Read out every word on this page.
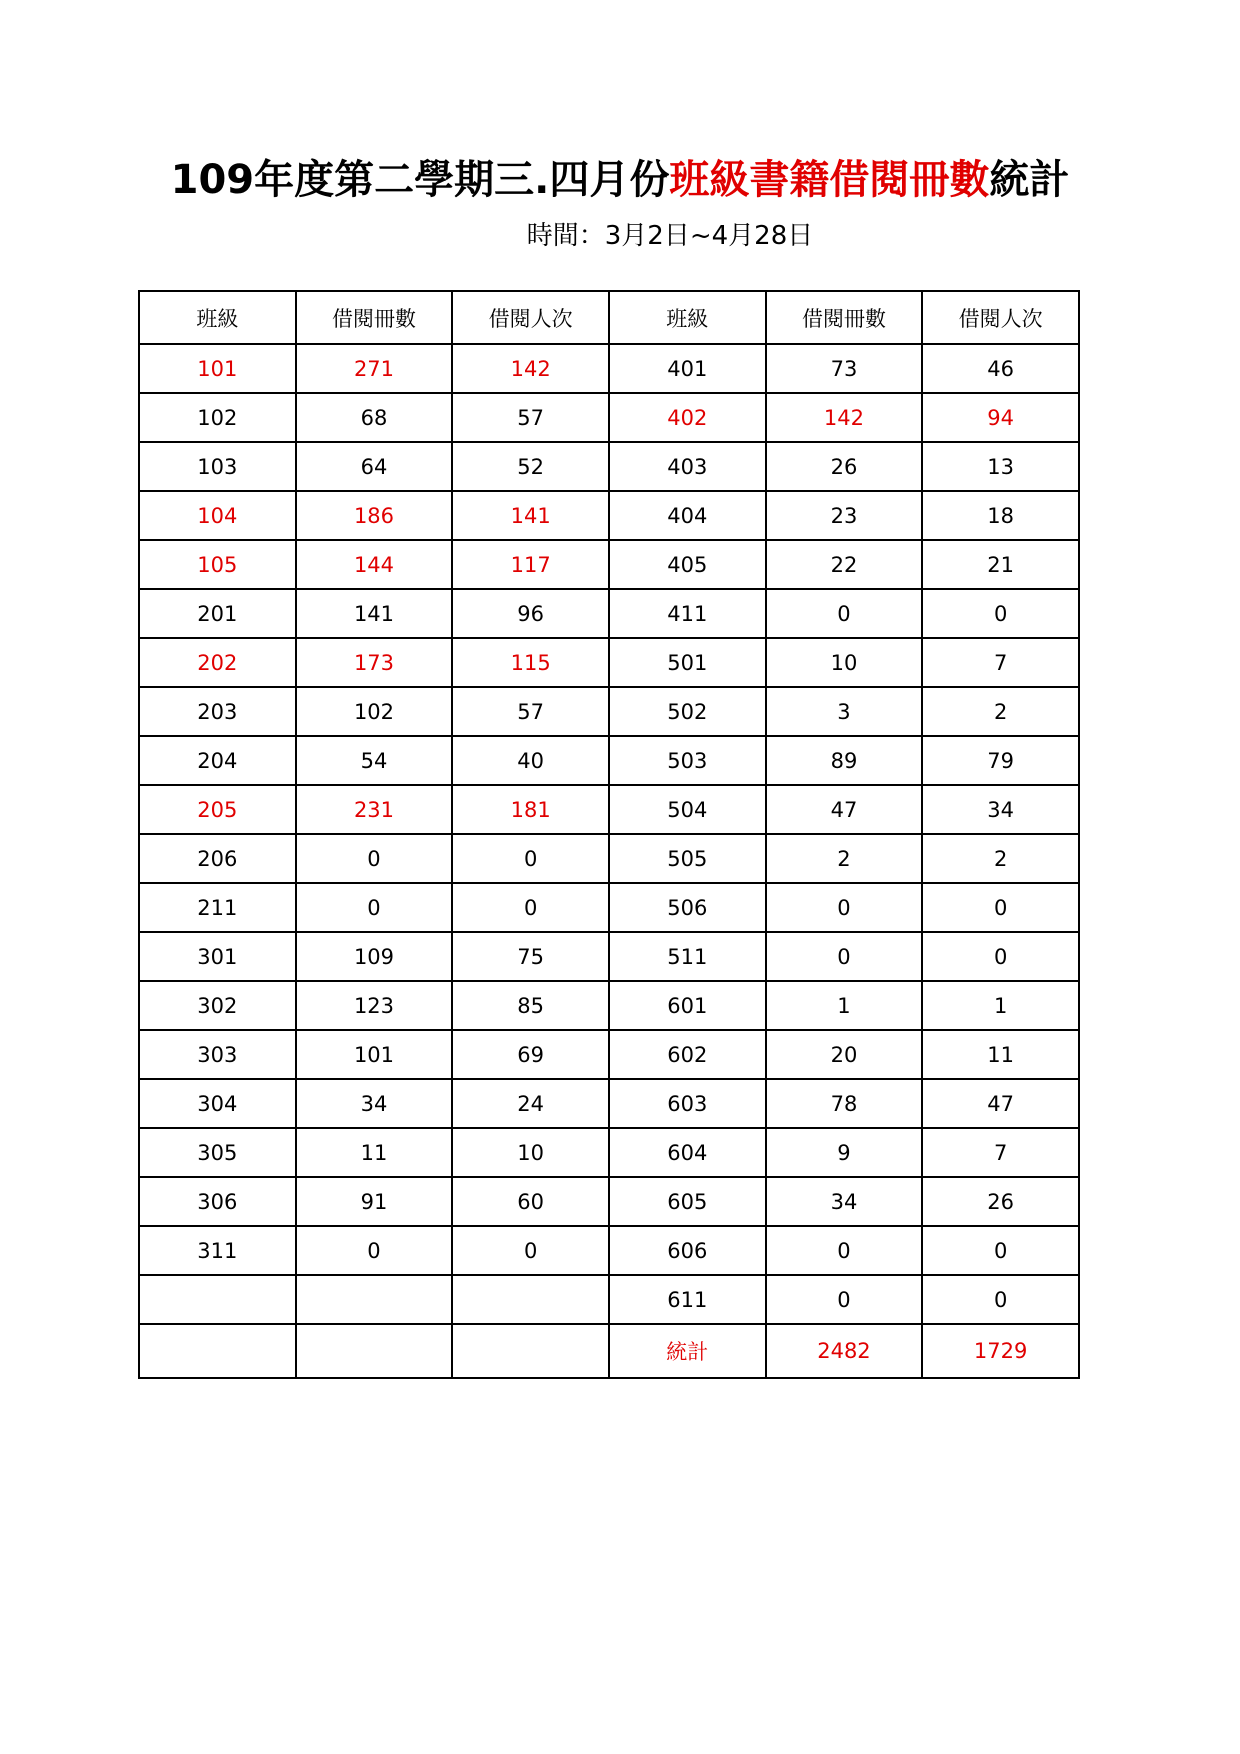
109年度第二學期三.四月份班級書籍借閱冊數統計
時間：3月2日~4月28日
班級	借閱冊數	借閱人次	班級	借閱冊數	借閱人次
101	271	142	401	73	46
102	68	57	402	142	94
103	64	52	403	26	13
104	186	141	404	23	18
105	144	117	405	22	21
201	141	96	411	0	0
202	173	115	501	10	7
203	102	57	502	3	2
204	54	40	503	89	79
205	231	181	504	47	34
206	0	0	505	2	2
211	0	0	506	0	0
301	109	75	511	0	0
302	123	85	601	1	1
303	101	69	602	20	11
304	34	24	603	78	47
305	11	10	604	9	7
306	91	60	605	34	26
311	0	0	606	0	0
			611	0	0
			統計	2482	1729
